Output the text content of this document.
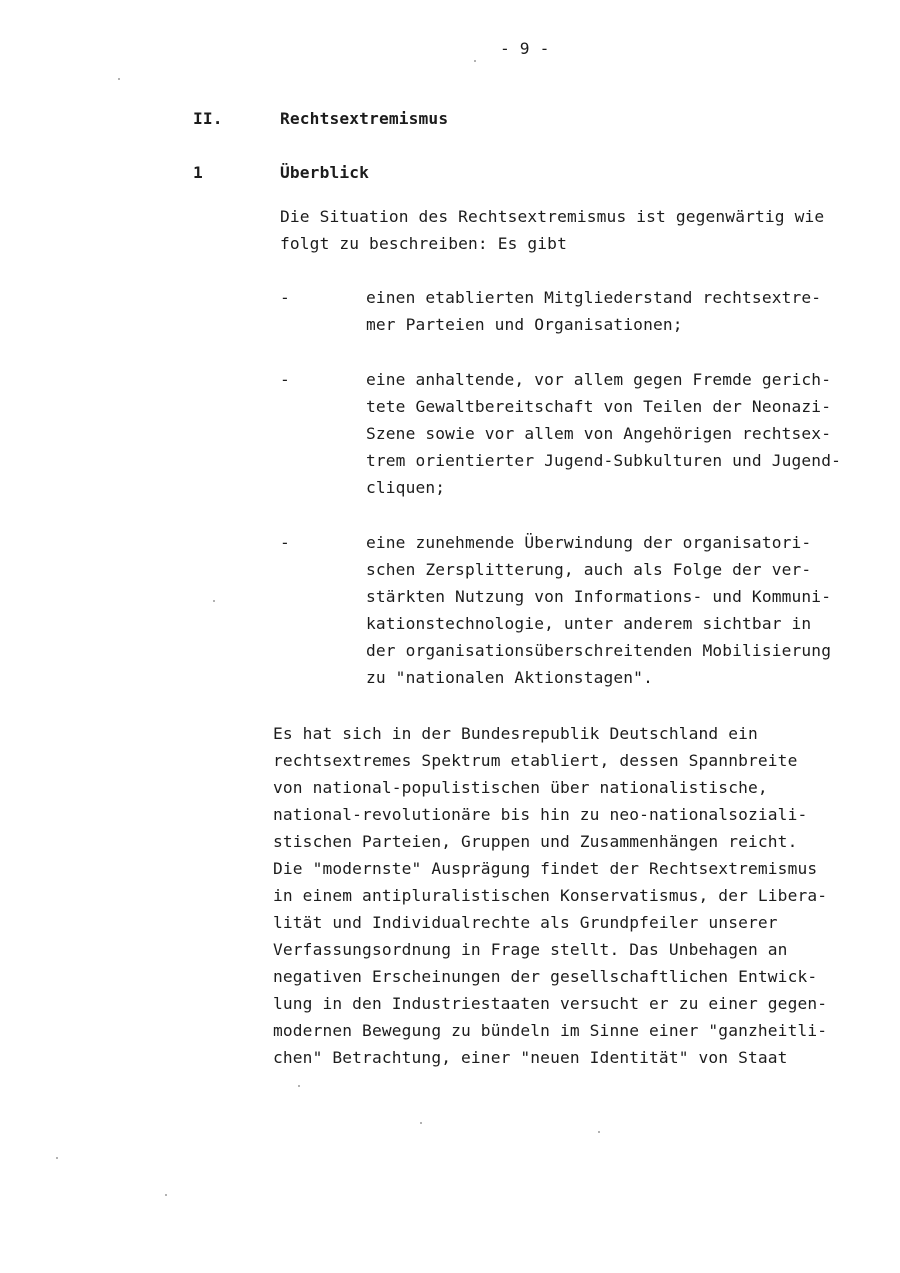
- 9 -
II.	Rechtsextremismus
1	Überblick
Die Situation des Rechtsextremismus ist gegenwärtig wie
folgt zu beschreiben: Es gibt
-	einen etablierten Mitgliederstand rechtsextre-
mer Parteien und Organisationen;
-	eine anhaltende, vor allem gegen Fremde gerich-
tete Gewaltbereitschaft von Teilen der Neonazi-
Szene sowie vor allem von Angehörigen rechtsex-
trem orientierter Jugend-Subkulturen und Jugend-
cliquen;
-	eine zunehmende Überwindung der organisatori-
schen Zersplitterung, auch als Folge der ver-
stärkten Nutzung von Informations- und Kommuni-
kationstechnologie, unter anderem sichtbar in
der organisationsüberschreitenden Mobilisierung
zu "nationalen Aktionstagen".
Es hat sich in der Bundesrepublik Deutschland ein
rechtsextremes Spektrum etabliert, dessen Spannbreite
von national-populistischen über nationalistische,
national-revolutionäre bis hin zu neo-nationalsoziali-
stischen Parteien, Gruppen und Zusammenhängen reicht.
Die "modernste" Ausprägung findet der Rechtsextremismus
in einem antipluralistischen Konservatismus, der Libera-
lität und Individualrechte als Grundpfeiler unserer
Verfassungsordnung in Frage stellt. Das Unbehagen an
negativen Erscheinungen der gesellschaftlichen Entwick-
lung in den Industriestaaten versucht er zu einer gegen-
modernen Bewegung zu bündeln im Sinne einer "ganzheitli-
chen" Betrachtung, einer "neuen Identität" von Staat
